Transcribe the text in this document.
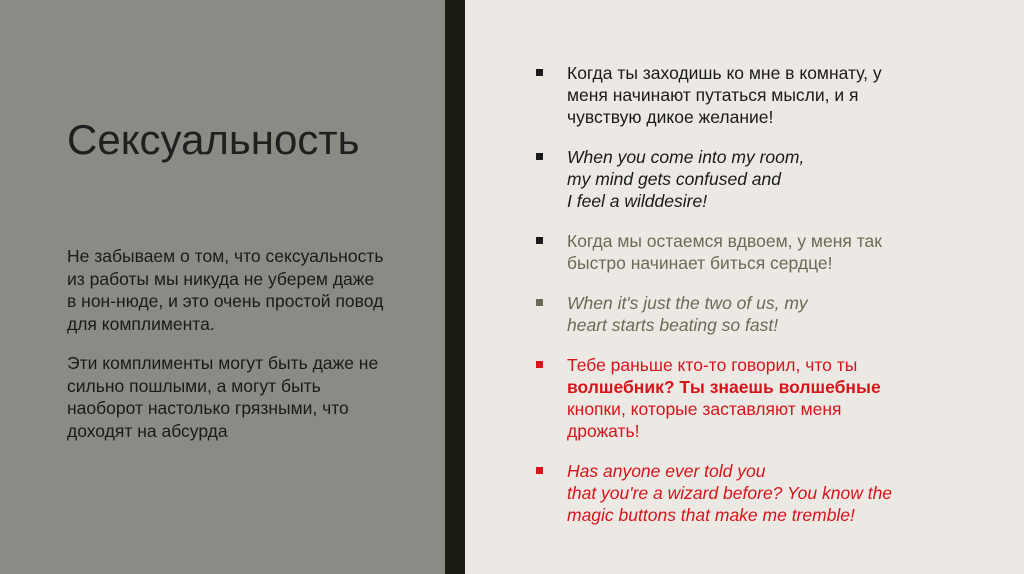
Сексуальность

Не забываем о том, что сексуальность из работы мы никуда не уберем даже в нон-нюде, и это очень простой повод для комплимента.

Эти комплименты могут быть даже не сильно пошлыми, а могут быть наоборот настолько грязными, что доходят на абсурда

Когда ты заходишь ко мне в комнату, у
меня начинают путаться мысли, и я
чувствую дикое желание!
When you come into my room,
my mind gets confused and
I feel a wilddesire!
Когда мы остаемся вдвоем, у меня так
быстро начинает биться сердце!
When it's just the two of us, my
heart starts beating so fast!
Тебе раньше кто-то говорил, что ты
волшебник? Ты знаешь волшебные
кнопки, которые заставляют меня
дрожать!
Has anyone ever told you
that you're a wizard before? You know the
magic buttons that make me tremble!
